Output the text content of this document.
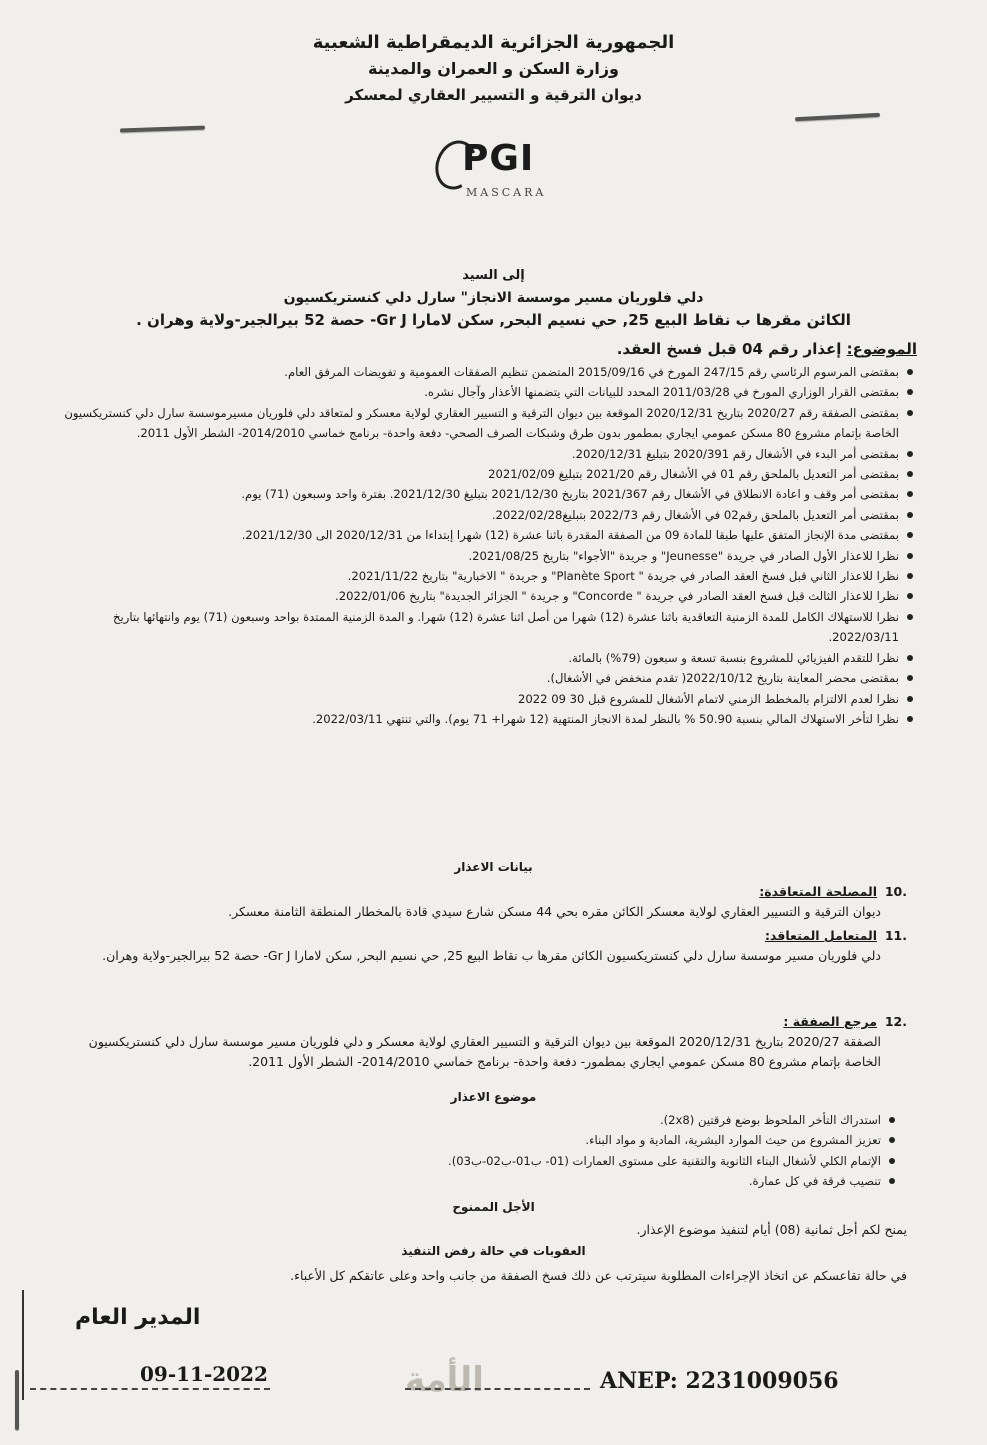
الجمهورية الجزائرية الديمقراطية الشعبية
وزارة السكن و العمران والمدينة
ديوان الترقية و التسيير العقاري لمعسكر
PGI
MASCARA
إلى السيد
دلي فلوريان مسير موسسة الانجاز" سارل دلي كنستريكسيون
الكائن مقرها ب نقاط البيع 25, حي نسيم البحر, سكن لامارا Gr J- حصة 52 بيرالجير-ولاية وهران .
الموضوع: إعذار رقم 04 قبل فسخ العقد.
بمقتضى المرسوم الرئاسي رقم 247/15 المورخ في 2015/09/16 المتضمن تنظيم الصفقات العمومية و تفويضات المرفق العام.
بمقتضى القرار الوزاري المورخ في 2011/03/28 المحدد للبيانات التي يتضمنها الأعذار وآجال نشره.
بمقتضى الصفقة رقم 2020/27 بتاريخ 2020/12/31 الموقعة بين ديوان الترقية و التسيير العقاري لولاية معسكر و لمتعاقد دلي فلوريان مسيرموسسة سارل دلي كنستريكسيون الخاصة بإتمام مشروع 80 مسكن عمومي ايجاري بمطمور بدون طرق وشبكات الصرف الصحي- دفعة واحدة- برنامج خماسي 2014/2010- الشطر الأول 2011.
بمقتضى أمر البدء في الأشغال رقم 2020/391 بتبليغ 2020/12/31.
بمقتضى أمر التعديل بالملحق رقم 01 في الأشغال رقم 2021/20 بتبليغ 2021/02/09
بمقتضى أمر وقف و اعادة الانطلاق في الأشغال رقم 2021/367 بتاريخ 2021/12/30 بتبليغ 2021/12/30. بفترة واحد وسبعون (71) يوم.
بمقتضى أمر التعديل بالملحق رقم02 في الأشغال رقم 2022/73 بتبليغ2022/02/28.
بمقتضى مدة الإنجاز المتفق عليها طبقا للمادة 09 من الصفقة المقدرة باثنا عشرة (12) شهرا إبتداءا من 2020/12/31 الى 2021/12/30.
نظرا للاعذار الأول الصادر في جريدة "Jeunesse" و جريدة "الأجواء" بتاريخ 2021/08/25.
نظرا للاعذار الثاني قبل فسخ العقد الصادر في جريدة " Planète Sport" و جريدة " الاخبارية" بتاريخ 2021/11/22.
نظرا للاعذار الثالث قبل فسخ العقد الصادر في جريدة " Concorde" و جريدة " الجزائر الجديدة" بتاريخ 2022/01/06.
نظرا للاستهلاك الكامل للمدة الزمنية التعاقدية باثنا عشرة (12) شهرا من أصل اثنا عشرة (12) شهرا. و المدة الزمنية الممتدة بواحد وسبعون (71) يوم وانتهائها بتاريخ 2022/03/11.
نظرا للتقدم الفيزيائي للمشروع بنسبة تسعة و سبعون (79%) بالمائة.
بمقتضى محضر المعاينة بتاريخ 2022/10/12( تقدم منخفض في الأشغال).
نظرا لعدم الالتزام بالمخطط الزمني لاتمام الأشغال للمشروع قبل 30 09 2022
نظرا لتأخر الاستهلاك المالي بنسبة 50.90 % بالنظر لمدة الانجاز المنتهية (12 شهرا+ 71 يوم). والتي تنتهي 2022/03/11.
بيانات الاعذار
10. المصلحة المتعاقدة:
ديوان الترقية و التسيير العقاري لولاية معسكر الكائن مقره بحي 44 مسكن شارع سيدي قادة بالمخطار المنطقة الثامنة معسكر.
11. المتعامل المتعاقد:
دلي فلوريان مسير موسسة سارل دلي كنستريكسيون الكائن مقرها ب نقاط البيع 25, حي نسيم البحر, سكن لامارا Gr J- حصة 52 بيرالجير-ولاية وهران.
12. مرجع الصفقة :
الصفقة 2020/27 بتاريخ 2020/12/31 الموقعة بين ديوان الترقية و التسيير العقاري لولاية معسكر و دلي فلوريان مسير موسسة سارل دلي كنستريكسيون الخاصة بإتمام مشروع 80 مسكن عمومي ايجاري بمطمور- دفعة واحدة- برنامج خماسي 2014/2010- الشطر الأول 2011.
موضوع الاعذار
استدراك التأخر الملحوظ بوضع فرقتين (2x8).
تعزيز المشروع من حيث الموارد البشرية، المادية و مواد البناء.
الإتمام الكلي لأشغال البناء الثانوية والتقنية على مستوى العمارات (01- ب01-ب02-ب03).
تنصيب فرقة في كل عمارة.
الأجل الممنوح
يمنح لكم أجل ثمانية (08) أيام لتنفيذ موضوع الإعذار.
العقوبات في حالة رفض التنفيذ
في حالة تقاعسكم عن اتخاذ الإجراءات المطلوبة سيترتب عن ذلك فسخ الصفقة من جانب واحد وعلى عاتقكم كل الأعباء.
المدير العام
09-11-2022	الأمة	ANEP: 2231009056
